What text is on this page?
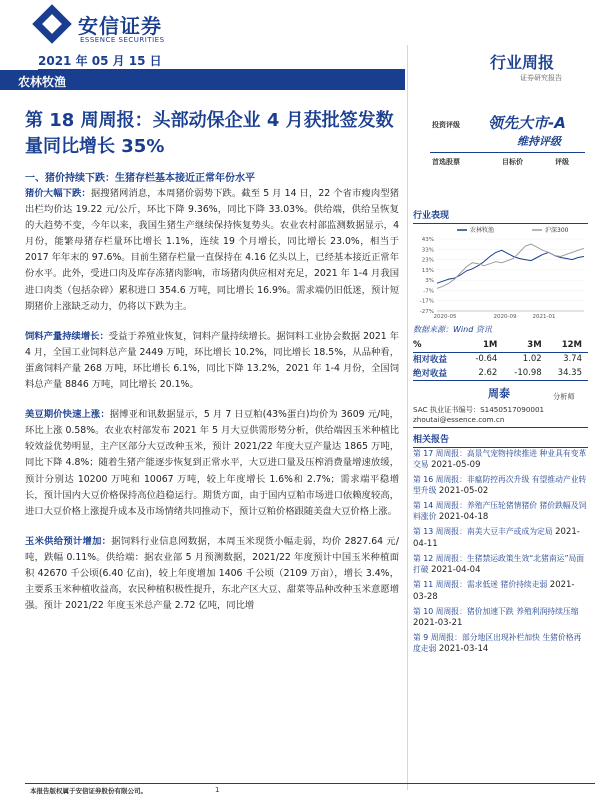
安信证券
ESSENCE SECURITIES
2021 年 05 月 15 日
农林牧渔
行业周报
证券研究报告
第 18 周周报：头部动保企业 4 月获批签发数量同比增长 35%
投资评级 领先大市-A
维持评级
首选股票	目标价	评级
一、猪价持续下跌：生猪存栏基本接近正常年份水平

猪价大幅下跌：据搜猪网消息，本周猪价弱势下跌。截至 5 月 14 日，22 个省市瘦肉型猪出栏均价达 19.22 元/公斤，环比下降 9.36%，同比下降 33.03%。供给端，供给呈恢复的大趋势不变，今年以来，我国生猪生产继续保持恢复势头。农业农村部监测数据显示，4 月份，能繁母猪存栏量环比增长 1.1%，连续 19 个月增长，同比增长 23.0%，相当于 2017 年年末的 97.6%。目前生猪存栏量一直保持在 4.16 亿头以上，已经基本接近正常年份水平。此外，受进口肉及库存冻猪肉影响，市场猪肉供应相对充足，2021 年 1-4 月我国进口肉类（包括杂碎）累积进口 354.6 万吨，同比增长 16.9%。需求端仍旧低迷，预计短期猪价上涨缺乏动力，仍将以下跌为主。

饲料产量持续增长：受益于养殖业恢复，饲料产量持续增长。据饲料工业协会数据 2021 年 4 月，全国工业饲料总产量 2449 万吨，环比增长 10.2%，同比增长 18.5%，从品种看，蛋禽饲料产量 268 万吨，环比增长 6.1%，同比下降 13.2%，2021 年 1-4 月份，全国饲料总产量 8846 万吨，同比增长 20.1%。

美豆期价快速上涨：据博亚和讯数据显示，5 月 7 日豆粕(43%蛋白)均价为 3609 元/吨，环比上涨 0.58%。农业农村部发布 2021 年 5 月大豆供需形势分析，供给端因玉米种植比较效益优势明显，主产区部分大豆改种玉米，预计 2021/22 年度大豆产量达 1865 万吨，同比下降 4.8%；随着生猪产能逐步恢复到正常水平，大豆进口量及压榨消费量增速放缓，预计分别达 10200 万吨和 10067 万吨，较上年度增长 1.6%和 2.7%；需求端平稳增长，预计国内大豆价格保持高位趋稳运行。期货方面，由于国内豆粕市场进口依赖度较高，进口大豆价格上涨提升成本及市场情绪共同推动下，预计豆粕价格跟随美盘大豆价格上涨。

玉米供给预计增加：据饲料行业信息网数据，本周玉米现货小幅走弱，均价 2827.64 元/吨，跌幅 0.11%。供给端：据农业部 5 月预测数据，2021/22 年度预计中国玉米种植面积 42670 千公顷(6.40 亿亩)，较上年度增加 1406 千公顷（2109 万亩），增长 3.4%，主要系玉米种植收益高，农民种植积极性提升，东北产区大豆、甜菜等品种改种玉米意愿增强。预计 2021/22 年度玉米总产量 2.72 亿吨，同比增

行业表现
-27%
-17%
-7%
3%
13%
23%
33%
43%
2020-05	2020-09	2021-01
农林牧渔	沪深300
数据来源：Wind 资讯
%	1M	3M	12M
相对收益	-0.64	1.02	3.74
绝对收益	2.62	-10.98	34.35
周泰	分析师
SAC 执业证书编号：S1450517090001
zhoutai@essence.com.cn
相关报告
第 17 周周报：高景气宠物持续推进 种业具有变革交易 2021-05-09
第 16 周周报：非瘟防控再次升级 有望推动产业转型升级 2021-05-02
第 14 周周报：养殖产压轮猪情猪价 猪价跌幅及饲料涨价 2021-04-18
第 13 周周报：南美大豆丰产或成为定局 2021-04-11
第 12 周周报：生猪禁运政策生效“北猪南运”局面打破 2021-04-04
第 11 周周报：需求低迷 猪价持续走弱 2021-03-28
第 10 周周报：猪价加速下跌 养殖利润持续压缩 2021-03-21
第 9 周周报：部分地区出现补栏加快 生猪价格再度走弱 2021-03-14
本报告版权属于安信证券股份有限公司。	1
